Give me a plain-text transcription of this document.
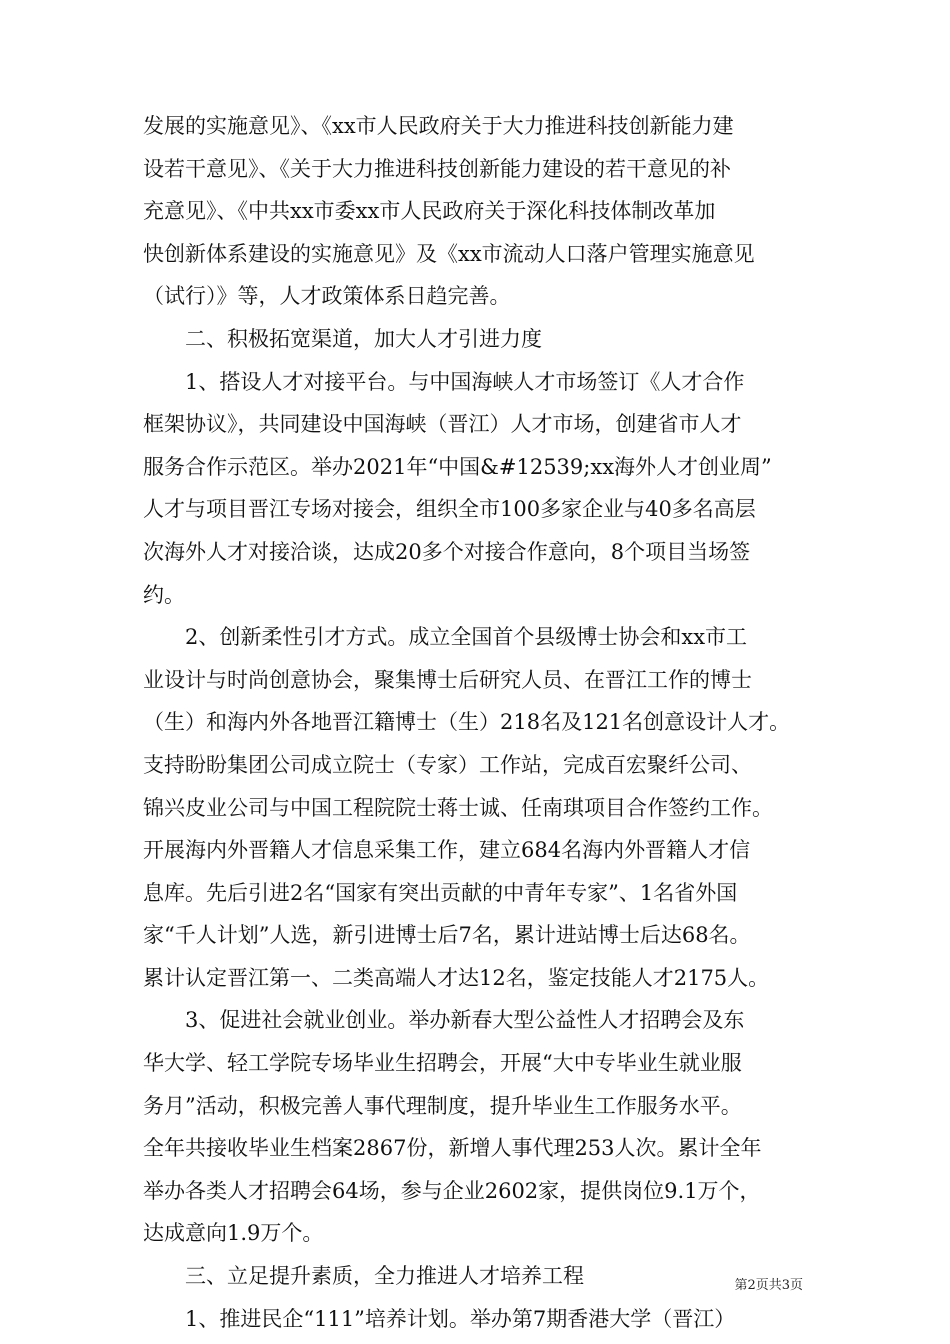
发展的实施意见》、《xx市人民政府关于大力推进科技创新能力建
设若干意见》、《关于大力推进科技创新能力建设的若干意见的补
充意见》、《中共xx市委xx市人民政府关于深化科技体制改革加
快创新体系建设的实施意见》及《xx市流动人口落户管理实施意见
（试行）》等，人才政策体系日趋完善。
二、积极拓宽渠道，加大人才引进力度
1、搭设人才对接平台。与中国海峡人才市场签订《人才合作
框架协议》，共同建设中国海峡（晋江）人才市场，创建省市人才
服务合作示范区。举办2021年“中国&#12539;xx海外人才创业周”
人才与项目晋江专场对接会，组织全市100多家企业与40多名高层
次海外人才对接洽谈，达成20多个对接合作意向，8个项目当场签
约。
2、创新柔性引才方式。成立全国首个县级博士协会和xx市工
业设计与时尚创意协会，聚集博士后研究人员、在晋江工作的博士
（生）和海内外各地晋江籍博士（生）218名及121名创意设计人才。
支持盼盼集团公司成立院士（专家）工作站，完成百宏聚纤公司、
锦兴皮业公司与中国工程院院士蒋士诚、任南琪项目合作签约工作。
开展海内外晋籍人才信息采集工作，建立684名海内外晋籍人才信
息库。先后引进2名“国家有突出贡献的中青年专家”、1名省外国
家“千人计划”人选，新引进博士后7名，累计进站博士后达68名。
累计认定晋江第一、二类高端人才达12名，鉴定技能人才2175人。
3、促进社会就业创业。举办新春大型公益性人才招聘会及东
华大学、轻工学院专场毕业生招聘会，开展“大中专毕业生就业服
务月”活动，积极完善人事代理制度，提升毕业生工作服务水平。
全年共接收毕业生档案2867份，新增人事代理253人次。累计全年
举办各类人才招聘会64场，参与企业2602家，提供岗位9.1万个，
达成意向1.9万个。
三、立足提升素质，全力推进人才培养工程
1、推进民企“111”培养计划。举办第7期香港大学（晋江）
第2页共3页
